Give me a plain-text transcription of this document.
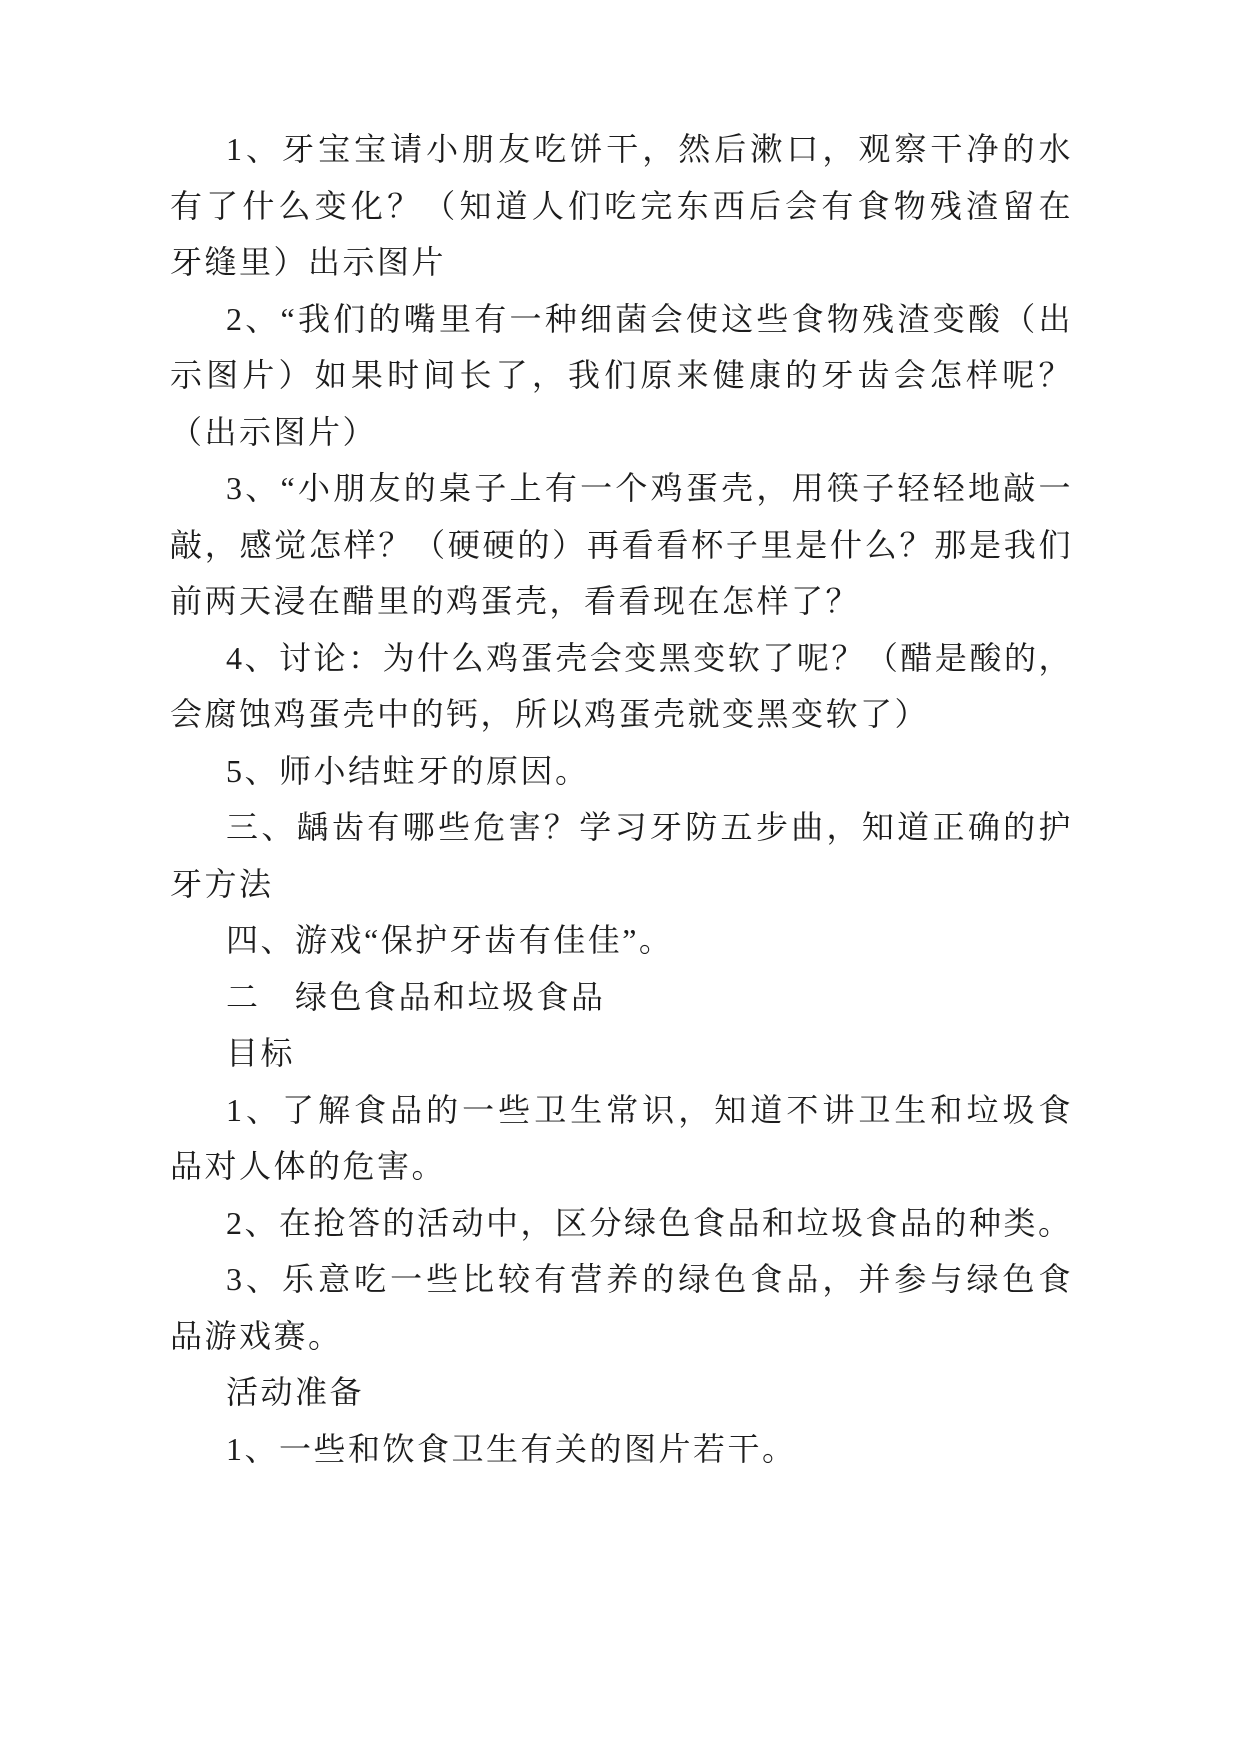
1、牙宝宝请小朋友吃饼干，然后漱口，观察干净的水
有了什么变化？（知道人们吃完东西后会有食物残渣留在
牙缝里）出示图片
2、“我们的嘴里有一种细菌会使这些食物残渣变酸（出
示图片）如果时间长了，我们原来健康的牙齿会怎样呢？
（出示图片）
3、“小朋友的桌子上有一个鸡蛋壳，用筷子轻轻地敲一
敲，感觉怎样？（硬硬的）再看看杯子里是什么？那是我们
前两天浸在醋里的鸡蛋壳，看看现在怎样了？
4、讨论：为什么鸡蛋壳会变黑变软了呢？（醋是酸的，
会腐蚀鸡蛋壳中的钙，所以鸡蛋壳就变黑变软了）
5、师小结蛀牙的原因。
三、龋齿有哪些危害？学习牙防五步曲，知道正确的护
牙方法
四、游戏“保护牙齿有佳佳”。
二　绿色食品和垃圾食品
目标
1、了解食品的一些卫生常识，知道不讲卫生和垃圾食
品对人体的危害。
2、在抢答的活动中，区分绿色食品和垃圾食品的种类。
3、乐意吃一些比较有营养的绿色食品，并参与绿色食
品游戏赛。
活动准备
1、一些和饮食卫生有关的图片若干。
